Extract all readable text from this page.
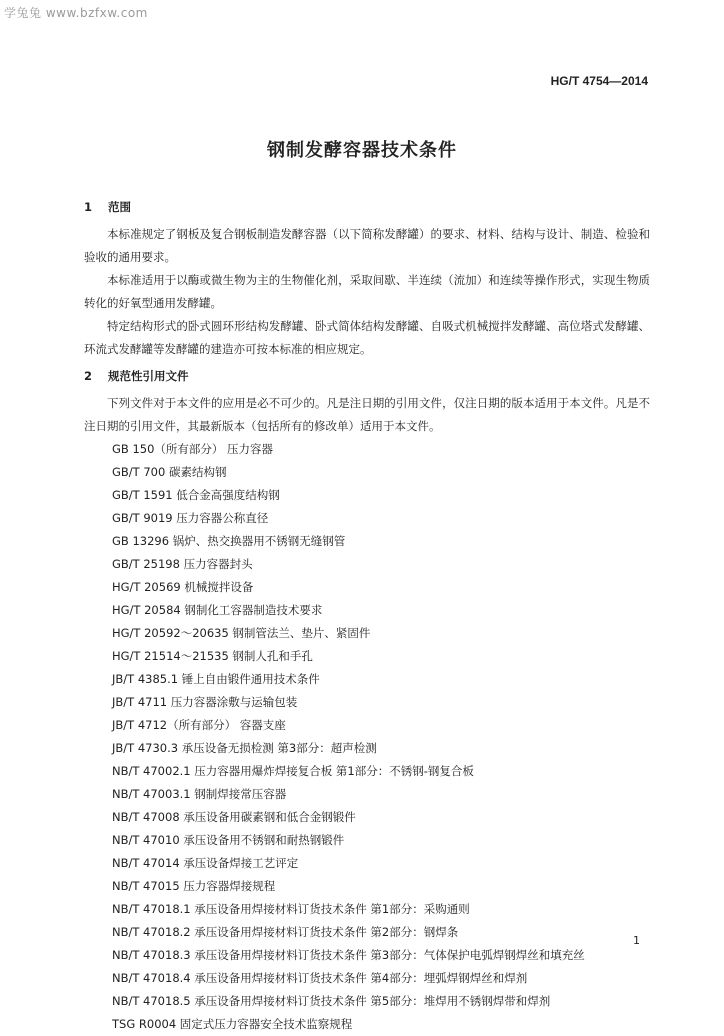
学兔兔 www.bzfxw.com
HG/T 4754—2014
钢制发酵容器技术条件

1 范围

本标准规定了钢板及复合钢板制造发酵容器（以下简称发酵罐）的要求、材料、结构与设计、制造、检验和验收的通用要求。

本标准适用于以酶或微生物为主的生物催化剂，采取间歇、半连续（流加）和连续等操作形式，实现生物质转化的好氧型通用发酵罐。

特定结构形式的卧式圆环形结构发酵罐、卧式简体结构发酵罐、自吸式机械搅拌发酵罐、高位塔式发酵罐、环流式发酵罐等发酵罐的建造亦可按本标准的相应规定。

2 规范性引用文件

下列文件对于本文件的应用是必不可少的。凡是注日期的引用文件，仅注日期的版本适用于本文件。凡是不注日期的引用文件，其最新版本（包括所有的修改单）适用于本文件。

GB 150（所有部分） 压力容器

GB/T 700 碳素结构钢

GB/T 1591 低合金高强度结构钢

GB/T 9019 压力容器公称直径

GB 13296 锅炉、热交换器用不锈钢无缝钢管

GB/T 25198 压力容器封头

HG/T 20569 机械搅拌设备

HG/T 20584 钢制化工容器制造技术要求

HG/T 20592～20635 钢制管法兰、垫片、紧固件

HG/T 21514～21535 钢制人孔和手孔

JB/T 4385.1 锤上自由锻件通用技术条件

JB/T 4711 压力容器涂敷与运输包装

JB/T 4712（所有部分） 容器支座

JB/T 4730.3 承压设备无损检测 第3部分：超声检测

NB/T 47002.1 压力容器用爆炸焊接复合板 第1部分：不锈钢-钢复合板

NB/T 47003.1 钢制焊接常压容器

NB/T 47008 承压设备用碳素钢和低合金钢锻件

NB/T 47010 承压设备用不锈钢和耐热钢锻件

NB/T 47014 承压设备焊接工艺评定

NB/T 47015 压力容器焊接规程

NB/T 47018.1 承压设备用焊接材料订货技术条件 第1部分：采购通则

NB/T 47018.2 承压设备用焊接材料订货技术条件 第2部分：钢焊条

NB/T 47018.3 承压设备用焊接材料订货技术条件 第3部分：气体保护电弧焊钢焊丝和填充丝

NB/T 47018.4 承压设备用焊接材料订货技术条件 第4部分：埋弧焊钢焊丝和焊剂

NB/T 47018.5 承压设备用焊接材料订货技术条件 第5部分：堆焊用不锈钢焊带和焊剂

TSG R0004 固定式压力容器安全技术监察规程

1
